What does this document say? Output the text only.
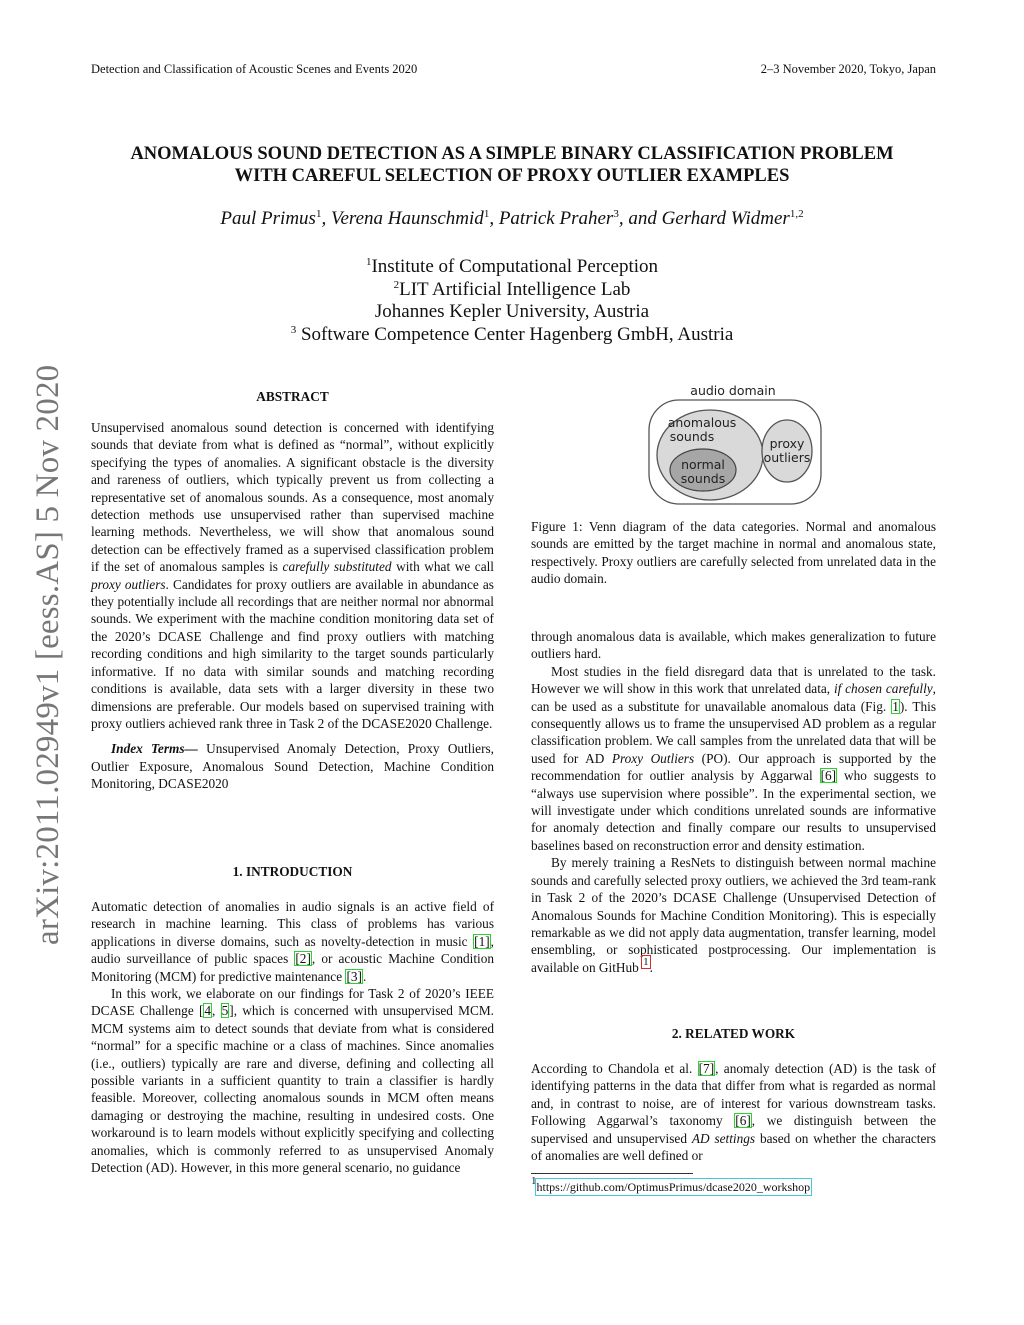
Detection and Classification of Acoustic Scenes and Events 2020	2–3 November 2020, Tokyo, Japan
ANOMALOUS SOUND DETECTION AS A SIMPLE BINARY CLASSIFICATION PROBLEM
WITH CAREFUL SELECTION OF PROXY OUTLIER EXAMPLES
Paul Primus$^1$, Verena Haunschmid$^1$, Patrick Praher$^3$, and Gerhard Widmer$^{1,2}$
$^1$Institute of Computational Perception
$^2$LIT Artificial Intelligence Lab
Johannes Kepler University, Austria
$^3$ Software Competence Center Hagenberg GmbH, Austria
arXiv:2011.02949v1 [eess.AS] 5 Nov 2020	ABSTRACT

Unsupervised anomalous sound detection is concerned with identifying sounds that deviate from what is defined as “normal”, without explicitly specifying the types of anomalies. A significant obstacle is the diversity and rareness of outliers, which typically prevent us from collecting a representative set of anomalous sounds. As a consequence, most anomaly detection methods use unsupervised rather than supervised machine learning methods. Nevertheless, we will show that anomalous sound detection can be effectively framed as a supervised classification problem if the set of anomalous samples is carefully substituted with what we call proxy outliers. Candidates for proxy outliers are available in abundance as they potentially include all recordings that are neither normal nor abnormal sounds. We experiment with the machine condition monitoring data set of the 2020’s DCASE Challenge and find proxy outliers with matching recording conditions and high similarity to the target sounds particularly informative. If no data with similar sounds and matching recording conditions is available, data sets with a larger diversity in these two dimensions are preferable. Our models based on supervised training with proxy outliers achieved rank three in Task 2 of the DCASE2020 Challenge.

Index Terms— Unsupervised Anomaly Detection, Proxy Outliers, Outlier Exposure, Anomalous Sound Detection, Machine Condition Monitoring, DCASE2020

1. INTRODUCTION

Automatic detection of anomalies in audio signals is an active field of research in machine learning. This class of problems has various applications in diverse domains, such as novelty-detection in music [1], audio surveillance of public spaces [2], or acoustic Machine Condition Monitoring (MCM) for predictive maintenance [3].

In this work, we elaborate on our findings for Task 2 of 2020’s IEEE DCASE Challenge [4, 5], which is concerned with unsupervised MCM. MCM systems aim to detect sounds that deviate from what is considered “normal” for a specific machine or a class of machines. Since anomalies (i.e., outliers) typically are rare and diverse, defining and collecting all possible variants in a sufficient quantity to train a classifier is hardly feasible. Moreover, collecting anomalous sounds in MCM often means damaging or destroying the machine, resulting in undesired costs. One workaround is to learn models without explicitly specifying and collecting anomalies, which is commonly referred to as unsupervised Anomaly Detection (AD). However, in this more general scenario, no guidance

audio domain
anomalous
sounds
normal
sounds
proxy
outliers
Figure 1: Venn diagram of the data categories. Normal and anomalous sounds are emitted by the target machine in normal and anomalous state, respectively. Proxy outliers are carefully selected from unrelated data in the audio domain.

through anomalous data is available, which makes generalization to future outliers hard.

Most studies in the field disregard data that is unrelated to the task. However we will show in this work that unrelated data, if chosen carefully, can be used as a substitute for unavailable anomalous data (Fig. 1). This consequently allows us to frame the unsupervised AD problem as a regular classification problem. We call samples from the unrelated data that will be used for AD Proxy Outliers (PO). Our approach is supported by the recommendation for outlier analysis by Aggarwal [6] who suggests to “always use supervision where possible”. In the experimental section, we will investigate under which conditions unrelated sounds are informative for anomaly detection and finally compare our results to unsupervised baselines based on reconstruction error and density estimation.

By merely training a ResNets to distinguish between normal machine sounds and carefully selected proxy outliers, we achieved the 3rd team-rank in Task 2 of the 2020’s DCASE Challenge (Unsupervised Detection of Anomalous Sounds for Machine Condition Monitoring). This is especially remarkable as we did not apply data augmentation, transfer learning, model ensembling, or sophisticated postprocessing. Our implementation is available on GitHub $^1$.

2. RELATED WORK

According to Chandola et al. [7], anomaly detection (AD) is the task of identifying patterns in the data that differ from what is regarded as normal and, in contrast to noise, are of interest for various downstream tasks. Following Aggarwal’s taxonomy [6], we distinguish between the supervised and unsupervised AD settings based on whether the characters of anomalies are well defined or

$^1$https://github.com/OptimusPrimus/dcase2020_workshop
